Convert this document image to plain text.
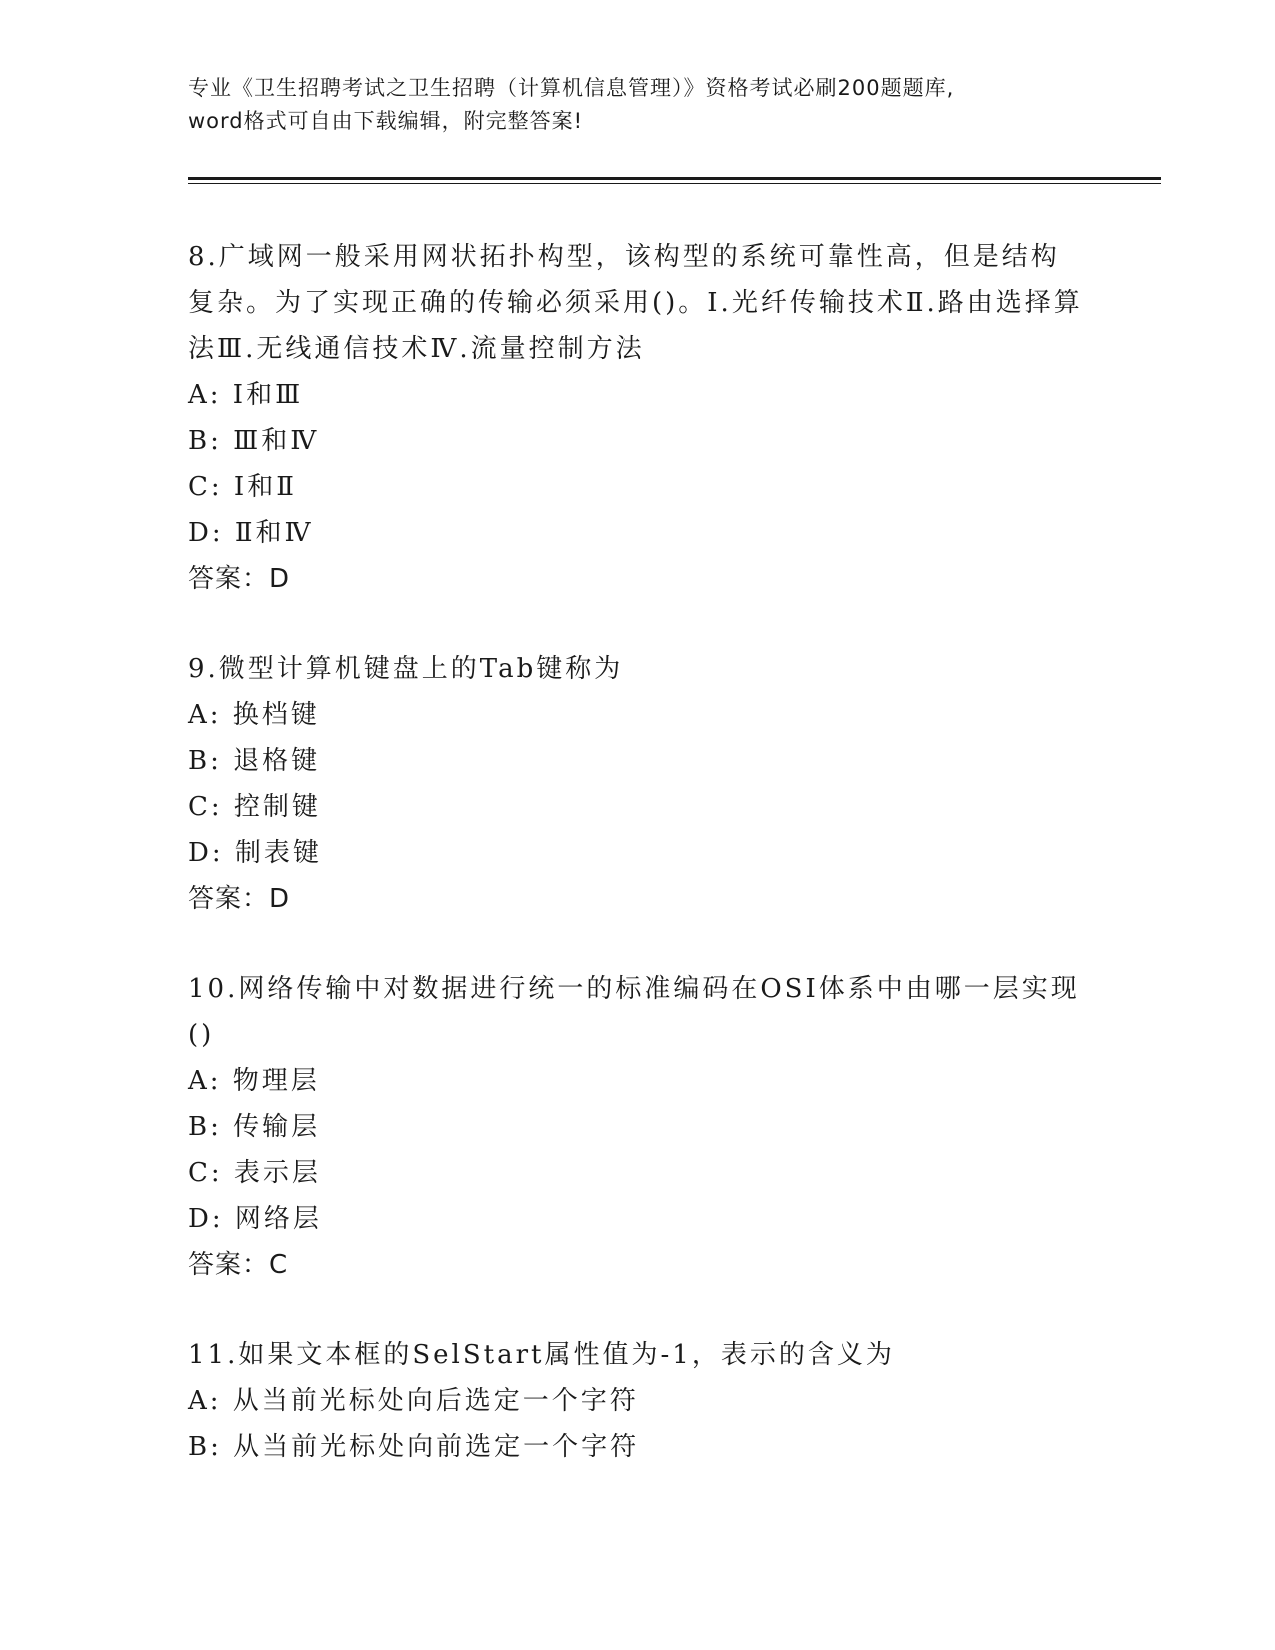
专业《卫生招聘考试之卫生招聘（计算机信息管理）》资格考试必刷200题题库,
word格式可自由下载编辑，附完整答案!

8.广域网一般采用网状拓扑构型，该构型的系统可靠性高，但是结构复杂。为了实现正确的传输必须采用()。Ⅰ.光纤传输技术Ⅱ.路由选择算法Ⅲ.无线通信技术Ⅳ.流量控制方法

A: Ⅰ和Ⅲ

B: Ⅲ和Ⅳ

C: Ⅰ和Ⅱ

D: Ⅱ和Ⅳ

答案：D

9.微型计算机键盘上的Tab键称为

A: 换档键

B: 退格键

C: 控制键

D: 制表键

答案：D

10.网络传输中对数据进行统一的标准编码在OSI体系中由哪一层实现()

A: 物理层

B: 传输层

C: 表示层

D: 网络层

答案：C

11.如果文本框的SelStart属性值为-1，表示的含义为

A: 从当前光标处向后选定一个字符

B: 从当前光标处向前选定一个字符
